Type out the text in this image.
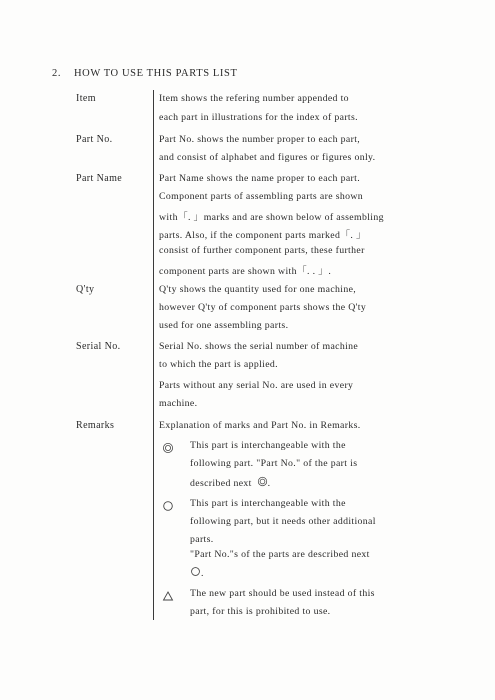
2. HOW TO USE THIS PARTS LIST
Item	Item shows the refering number appended to
each part in illustrations for the index of parts.
Part No.	Part No. shows the number proper to each part,
and consist of alphabet and figures or figures only.
Part Name	Part Name shows the name proper to each part.
Component parts of assembling parts are shown
with「. 」marks and are shown below of assembling
parts. Also, if the component parts marked「. 」
consist of further component parts, these further
component parts are shown with「. . 」.
Q'ty	Q'ty shows the quantity used for one machine,
however Q'ty of component parts shows the Q'ty
used for one assembling parts.
Serial No.	Serial No. shows the serial number of machine
to which the part is applied.
Parts without any serial No. are used in every
machine.
Remarks	Explanation of marks and Part No. in Remarks.
This part is interchangeable with the
following part. "Part No." of the part is
described next .
This part is interchangeable with the
following part, but it needs other additional
parts.
"Part No."s of the parts are described next
.
The new part should be used instead of this
part, for this is prohibited to use.
